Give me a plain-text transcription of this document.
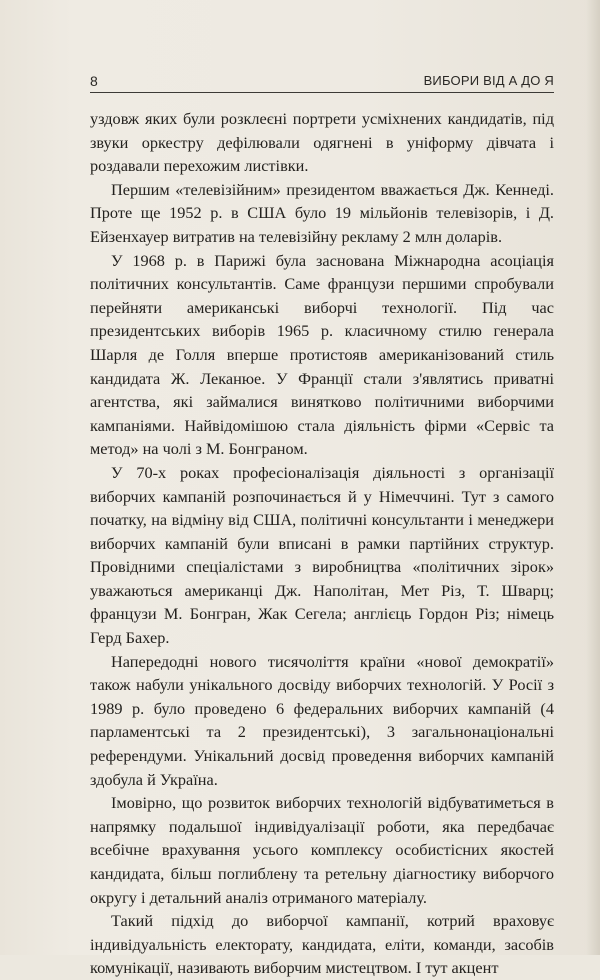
8	ВИБОРИ ВІД А ДО Я

уздовж яких були розклеєні портрети усміхнених кандидатів, під звуки оркестру дефілювали одягнені в уніформу дівчата і роздавали перехожим листівки.

Першим «телевізійним» президентом вважається Дж. Кеннеді. Проте ще 1952 р. в США було 19 мільйонів телевізорів, і Д. Ейзенхауер витратив на телевізійну рекламу 2 млн доларів.

У 1968 р. в Парижі була заснована Міжнародна асоціація політичних консультантів. Саме французи першими спробували перейняти американські виборчі технології. Під час президентських виборів 1965 р. класичному стилю генерала Шарля де Голля вперше протистояв американізований стиль кандидата Ж. Леканюе. У Франції стали з'являтись приватні агентства, які займалися винятково політичними виборчими кампаніями. Найвідомішою стала діяльність фірми «Сервіс та метод» на чолі з М. Бонграном.

У 70-х роках професіоналізація діяльності з організації виборчих кампаній розпочинається й у Німеччині. Тут з самого початку, на відміну від США, політичні консультанти і менеджери виборчих кампаній були вписані в рамки партійних структур. Провідними спеціалістами з виробництва «політичних зірок» уважаються американці Дж. Наполітан, Мет Різ, Т. Шварц; французи М. Бонгран, Жак Сегела; англієць Гордон Різ; німець Герд Бахер.

Напередодні нового тисячоліття країни «нової демократії» також набули унікального досвіду виборчих технологій. У Росії з 1989 р. було проведено 6 федеральних виборчих кампаній (4 парламентські та 2 президентські), 3 загальнонаціональні референдуми. Унікальний досвід проведення виборчих кампаній здобула й Україна.

Імовірно, що розвиток виборчих технологій відбуватиметься в напрямку подальшої індивідуалізації роботи, яка передбачає всебічне врахування усього комплексу особистісних якостей кандидата, більш поглиблену та ретельну діагностику виборчого округу і детальний аналіз отриманого матеріалу.

Такий підхід до виборчої кампанії, котрий враховує індивідуальність електорату, кандидата, еліти, команди, засобів комунікації, називають виборчим мистецтвом. І тут акцент
